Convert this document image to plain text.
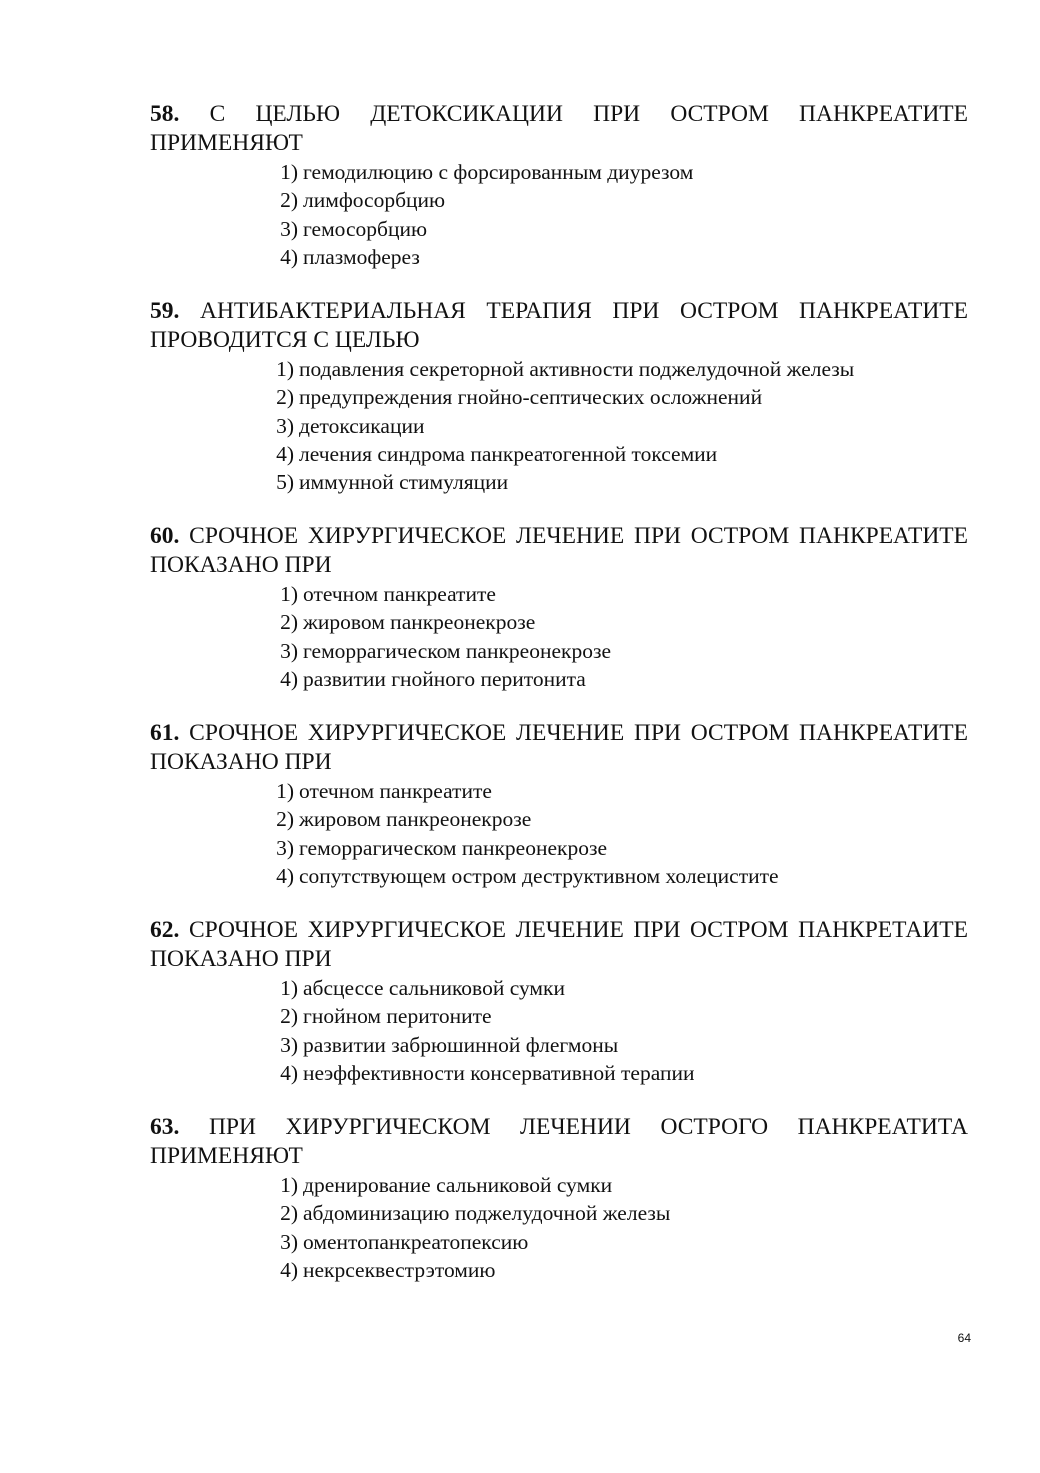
58. С ЦЕЛЬЮ ДЕТОКСИКАЦИИ ПРИ ОСТРОМ ПАНКРЕАТИТЕ ПРИМЕНЯЮТ

1) гемодилюцию с форсированным диурезом
2) лимфосорбцию
3) гемосорбцию
4) плазмоферез

59. АНТИБАКТЕРИАЛЬНАЯ ТЕРАПИЯ ПРИ ОСТРОМ ПАНКРЕАТИТЕ ПРОВОДИТСЯ С ЦЕЛЬЮ

1) подавления секреторной активности поджелудочной железы
2) предупреждения гнойно-септических осложнений
3) детоксикации
4) лечения синдрома панкреатогенной токсемии
5) иммунной стимуляции

60. СРОЧНОЕ ХИРУРГИЧЕСКОЕ ЛЕЧЕНИЕ ПРИ ОСТРОМ ПАНКРЕАТИТЕ ПОКАЗАНО ПРИ

1) отечном панкреатите
2) жировом панкреонекрозе
3) геморрагическом панкреонекрозе
4) развитии гнойного перитонита

61. СРОЧНОЕ ХИРУРГИЧЕСКОЕ ЛЕЧЕНИЕ ПРИ ОСТРОМ ПАНКРЕАТИТЕ ПОКАЗАНО ПРИ

1) отечном панкреатите
2) жировом панкреонекрозе
3) геморрагическом панкреонекрозе
4) сопутствующем остром деструктивном холецистите

62. СРОЧНОЕ ХИРУРГИЧЕСКОЕ ЛЕЧЕНИЕ ПРИ ОСТРОМ ПАНКРЕТАИТЕ ПОКАЗАНО ПРИ

1) абсцессе сальниковой сумки
2) гнойном перитоните
3) развитии забрюшинной флегмоны
4) неэффективности консервативной терапии

63. ПРИ ХИРУРГИЧЕСКОМ ЛЕЧЕНИИ ОСТРОГО ПАНКРЕАТИТА ПРИМЕНЯЮТ

1) дренирование сальниковой сумки
2) абдоминизацию поджелудочной железы
3) оментопанкреатопексию
4) некрсеквестрэтомию
64
